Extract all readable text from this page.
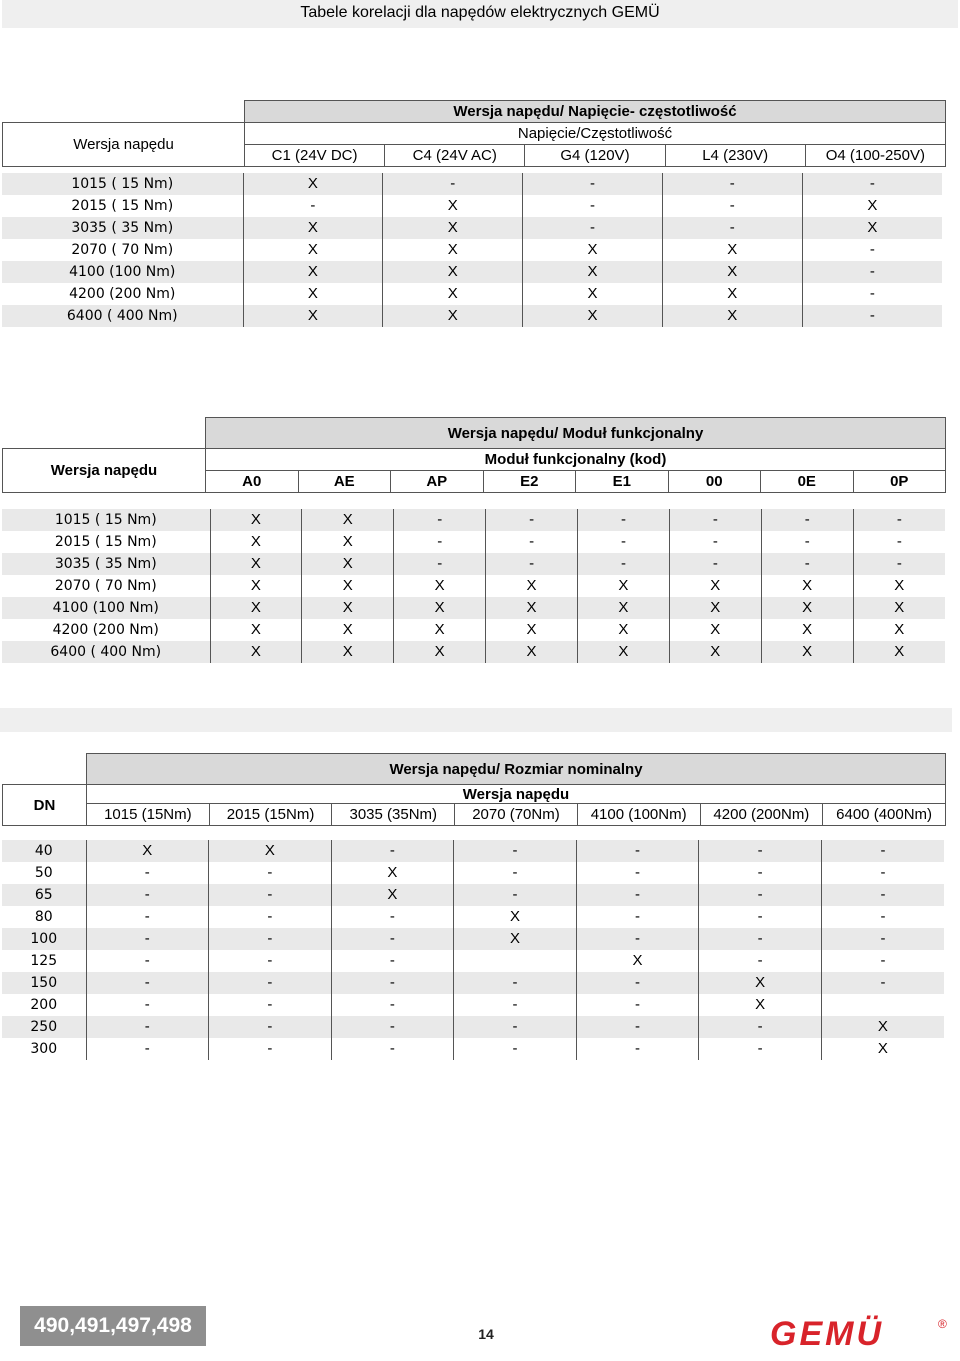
Tabele korelacji dla napędów elektrycznych GEMÜ
	Wersja napędu/ Napięcie- częstotliwość				
Wersja napędu	Napięcie/Częstotliwość				
	C1 (24V DC)	C4 (24V AC)	G4 (120V)	L4 (230V)	O4 (100-250V)
1015 ( 15 Nm)	X	-	-	-	-
2015 ( 15 Nm)	-	X	-	-	X
3035 ( 35 Nm)	X	X	-	-	X
2070 ( 70 Nm)	X	X	X	X	-
4100 (100 Nm)	X	X	X	X	-
4200 (200 Nm)	X	X	X	X	-
6400 ( 400 Nm)	X	X	X	X	-
	Wersja napędu/ Moduł funkcjonalny							
Wersja napędu	Moduł funkcjonalny (kod)							
	A0	AE	AP	E2	E1	00	0E	0P
1015 ( 15 Nm)	X	X	-	-	-	-	-	-
2015 ( 15 Nm)	X	X	-	-	-	-	-	-
3035 ( 35 Nm)	X	X	-	-	-	-	-	-
2070 ( 70 Nm)	X	X	X	X	X	X	X	X
4100 (100 Nm)	X	X	X	X	X	X	X	X
4200 (200 Nm)	X	X	X	X	X	X	X	X
6400 ( 400 Nm)	X	X	X	X	X	X	X	X
	Wersja napędu/ Rozmiar nominalny						
DN	Wersja napędu						
	1015 (15Nm)	2015 (15Nm)	3035 (35Nm)	2070 (70Nm)	4100 (100Nm)	4200 (200Nm)	6400 (400Nm)
40	X	X	-	-	-	-	-
50	-	-	X	-	-	-	-
65	-	-	X	-	-	-	-
80	-	-	-	X	-	-	-
100	-	-	-	X	-	-	-
125	-	-	-		X	-	-
150	-	-	-	-	-	X	-
200	-	-	-	-	-	X	
250	-	-	-	-	-	-	X
300	-	-	-	-	-	-	X
490,491,497,498	14	GEMÜ	®
